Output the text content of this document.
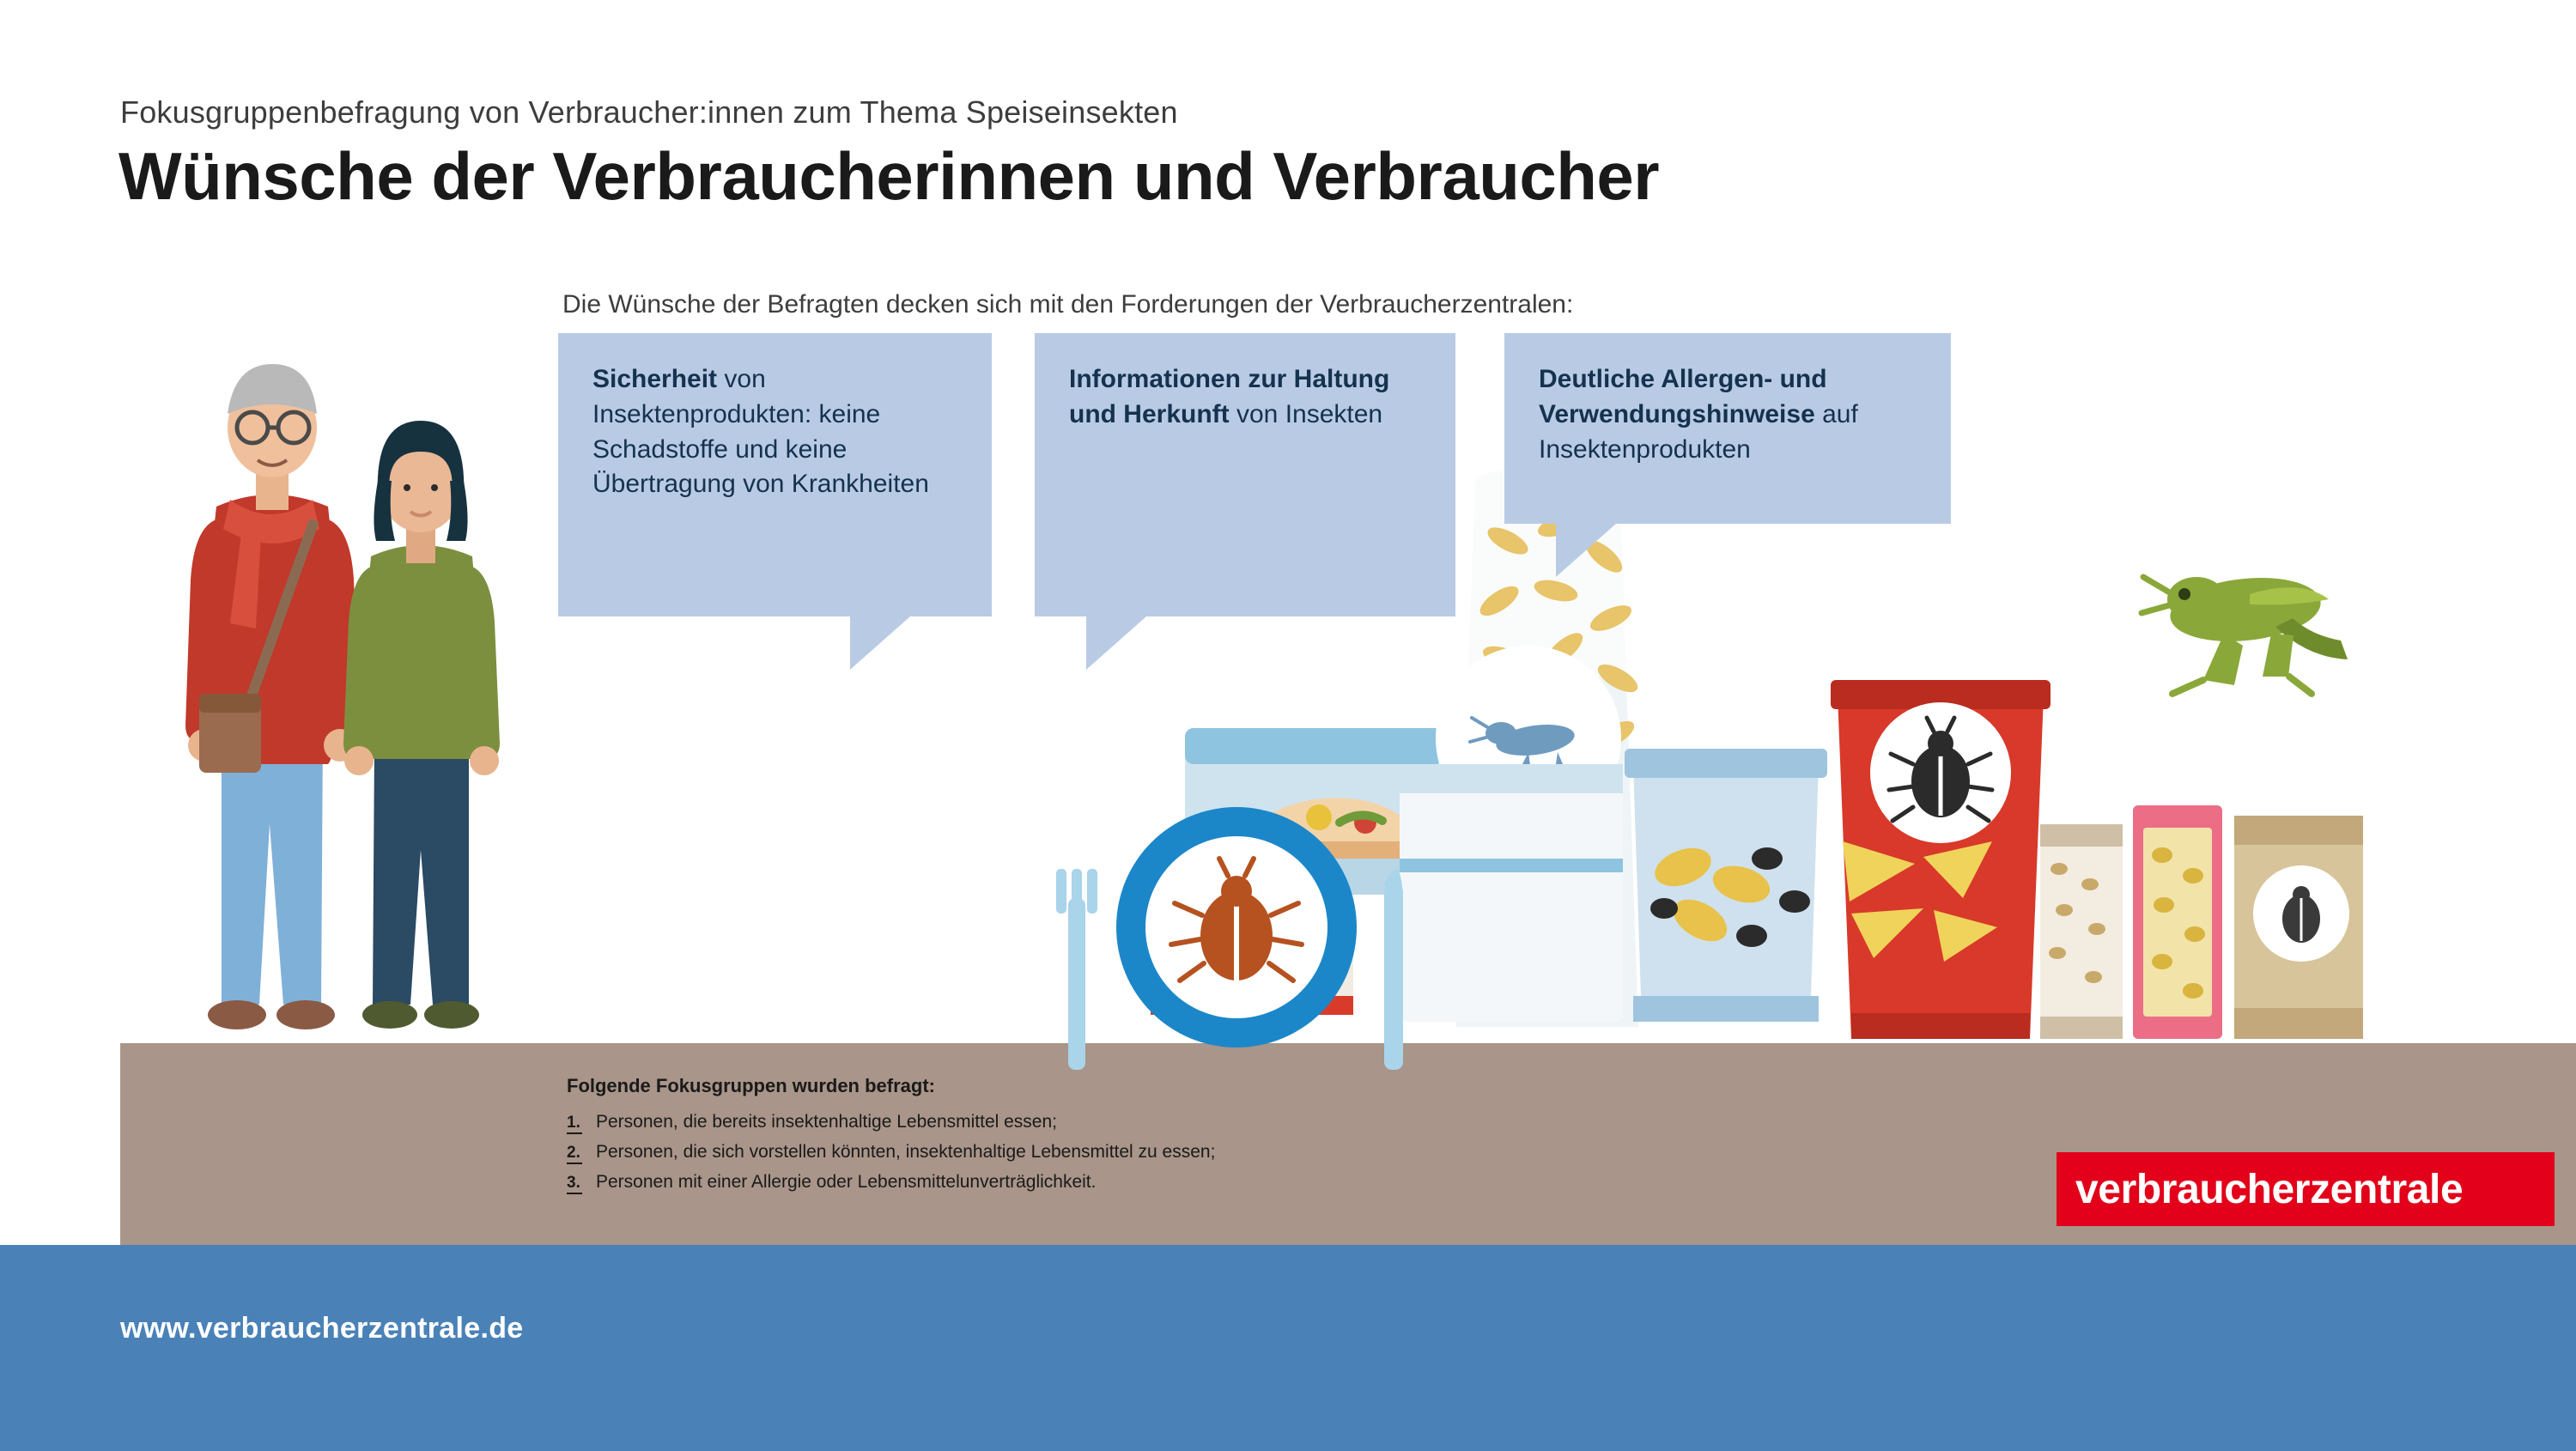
Fokusgruppenbefragung von Verbraucher:innen zum Thema Speiseinsekten
Wünsche der Verbraucherinnen und Verbraucher
Die Wünsche der Befragten decken sich mit den Forderungen der Verbraucherzentralen:
Sicherheit von Insektenprodukten: keine Schadstoffe und keine Übertragung von Krankheiten
Informationen zur Haltung und Herkunft von Insekten
Deutliche Allergen- und Verwendungshinweise auf Insektenprodukten
Folgende Fokusgruppen wurden befragt:
1. Personen, die bereits insektenhaltige Lebensmittel essen;
2. Personen, die sich vorstellen könnten, insektenhaltige Lebensmittel zu essen;
3. Personen mit einer Allergie oder Lebensmittelunverträglichkeit.	verbraucherzentrale
www.verbraucherzentrale.de
